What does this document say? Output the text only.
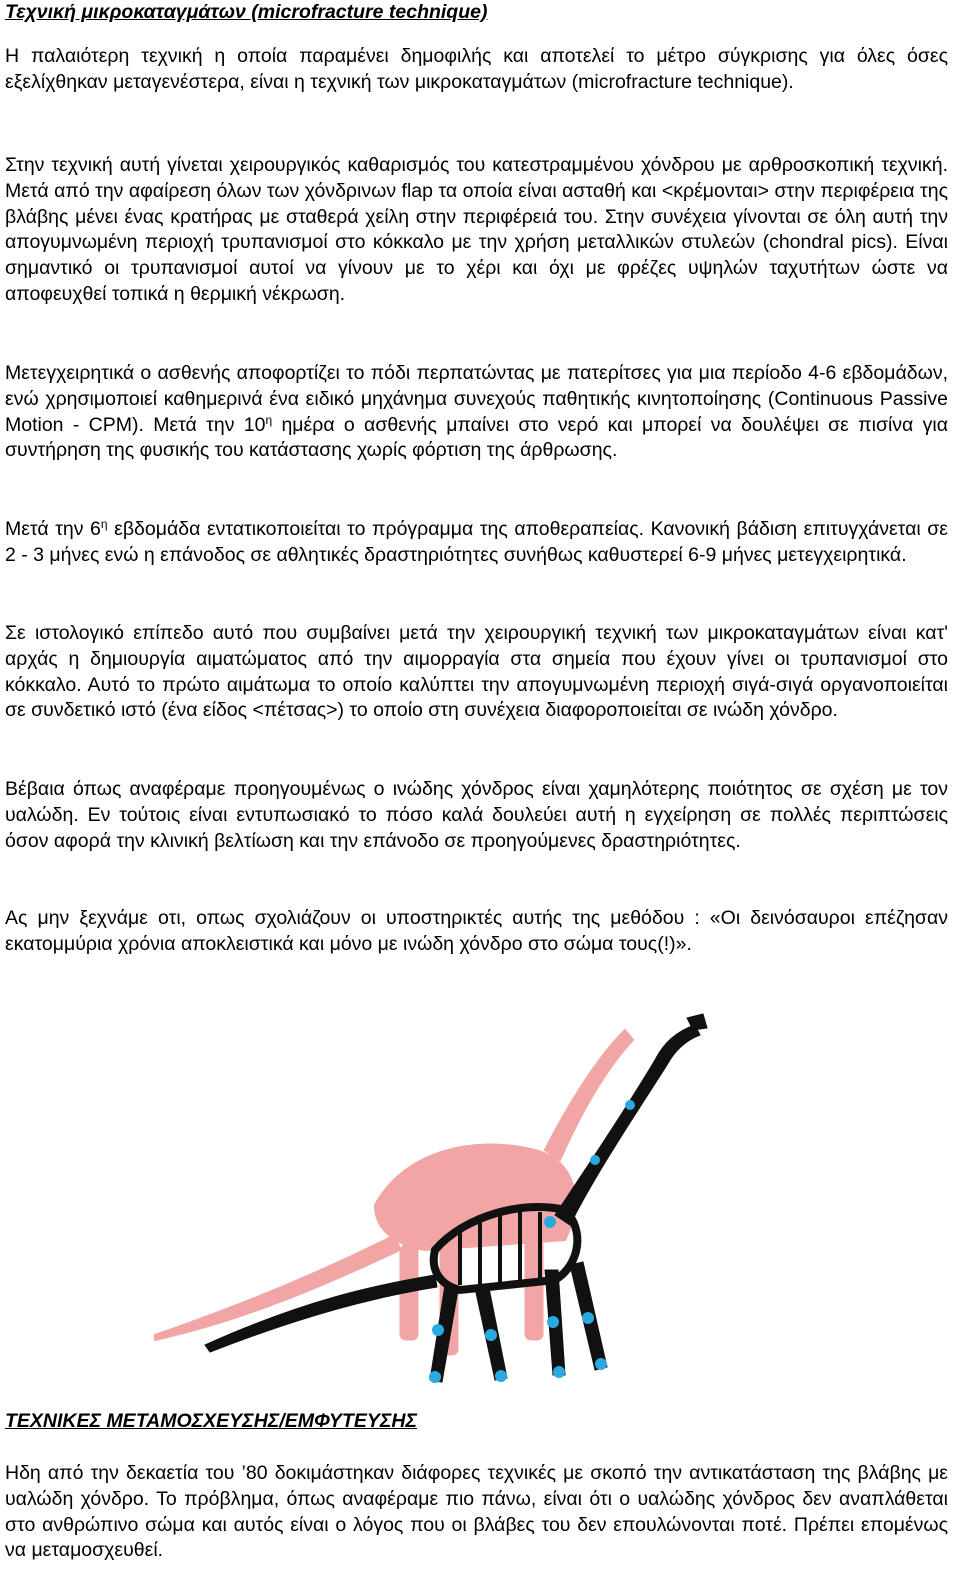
Τεχνική μικροκαταγμάτων (microfracture technique)

Η παλαιότερη τεχνική η οποία παραμένει δημοφιλής και αποτελεί το μέτρο σύγκρισης για όλες όσες εξελίχθηκαν μεταγενέστερα, είναι η τεχνική των μικροκαταγμάτων (microfracture technique).

Στην τεχνική αυτή γίνεται χειρουργικός καθαρισμός του κατεστραμμένου χόνδρου με αρθροσκοπική τεχνική. Μετά από την αφαίρεση όλων των χόνδρινων flap τα οποία είναι ασταθή και <κρέμονται> στην περιφέρεια της βλάβης μένει ένας κρατήρας με σταθερά χείλη στην περιφέρειά του. Στην συνέχεια γίνονται σε όλη αυτή την απογυμνωμένη περιοχή τρυπανισμοί στο κόκκαλο με την χρήση μεταλλικών στυλεών (chondral pics). Είναι σημαντικό οι τρυπανισμοί αυτοί να γίνουν με το χέρι και όχι με φρέζες υψηλών ταχυτήτων ώστε να αποφευχθεί τοπικά η θερμική νέκρωση.

Μετεγχειρητικά ο ασθενής αποφορτίζει το πόδι περπατώντας με πατερίτσες για μια περίοδο 4-6 εβδομάδων, ενώ χρησιμοποιεί καθημερινά ένα ειδικό μηχάνημα συνεχούς παθητικής κινητοποίησης (Continuous Passive Motion - CPM). Μετά την $10^\eta$ ημέρα ο ασθενής μπαίνει στο νερό και μπορεί να δουλέψει σε πισίνα για συντήρηση της φυσικής του κατάστασης χωρίς φόρτιση της άρθρωσης.

Μετά την $6^\eta$ εβδομάδα εντατικοποιείται το πρόγραμμα της αποθεραπείας. Κανονική βάδιση επιτυγχάνεται σε 2 - 3 μήνες ενώ η επάνοδος σε αθλητικές δραστηριότητες συνήθως καθυστερεί 6-9 μήνες μετεγχειρητικά.

Σε ιστολογικό επίπεδο αυτό που συμβαίνει μετά την χειρουργική τεχνική των μικροκαταγμάτων είναι κατ' αρχάς η δημιουργία αιματώματος από την αιμορραγία στα σημεία που έχουν γίνει οι τρυπανισμοί στο κόκκαλο. Αυτό το πρώτο αιμάτωμα το οποίο καλύπτει την απογυμνωμένη περιοχή σιγά-σιγά οργανοποιείται σε συνδετικό ιστό (ένα είδος <πέτσας>) το οποίο στη συνέχεια διαφοροποιείται σε ινώδη χόνδρο.

Βέβαια όπως αναφέραμε προηγουμένως ο ινώδης χόνδρος είναι χαμηλότερης ποιότητος σε σχέση με τον υαλώδη. Εν τούτοις είναι εντυπωσιακό το πόσο καλά δουλεύει αυτή η εγχείρηση σε πολλές περιπτώσεις όσον αφορά την κλινική βελτίωση και την επάνοδο σε προηγούμενες δραστηριότητες.

Ας μην ξεχνάμε οτι, οπως σχολιάζουν οι υποστηρικτές αυτής της μεθόδου : «Οι δεινόσαυροι επέζησαν εκατομμύρια χρόνια αποκλειστικά και μόνο με ινώδη χόνδρο στο σώμα τους(!)».

ΤΕΧΝΙΚΕΣ ΜΕΤΑΜΟΣΧΕΥΣΗΣ/ΕΜΦΥΤΕΥΣΗΣ

Ηδη από την δεκαετία του ’80 δοκιμάστηκαν διάφορες τεχνικές με σκοπό την αντικατάσταση της βλάβης με υαλώδη χόνδρο. Το πρόβλημα, όπως αναφέραμε πιο πάνω, είναι ότι ο υαλώδης χόνδρος δεν αναπλάθεται στο ανθρώπινο σώμα και αυτός είναι ο λόγος που οι βλάβες του δεν επουλώνονται ποτέ. Πρέπει επομένως να μεταμοσχευθεί.
